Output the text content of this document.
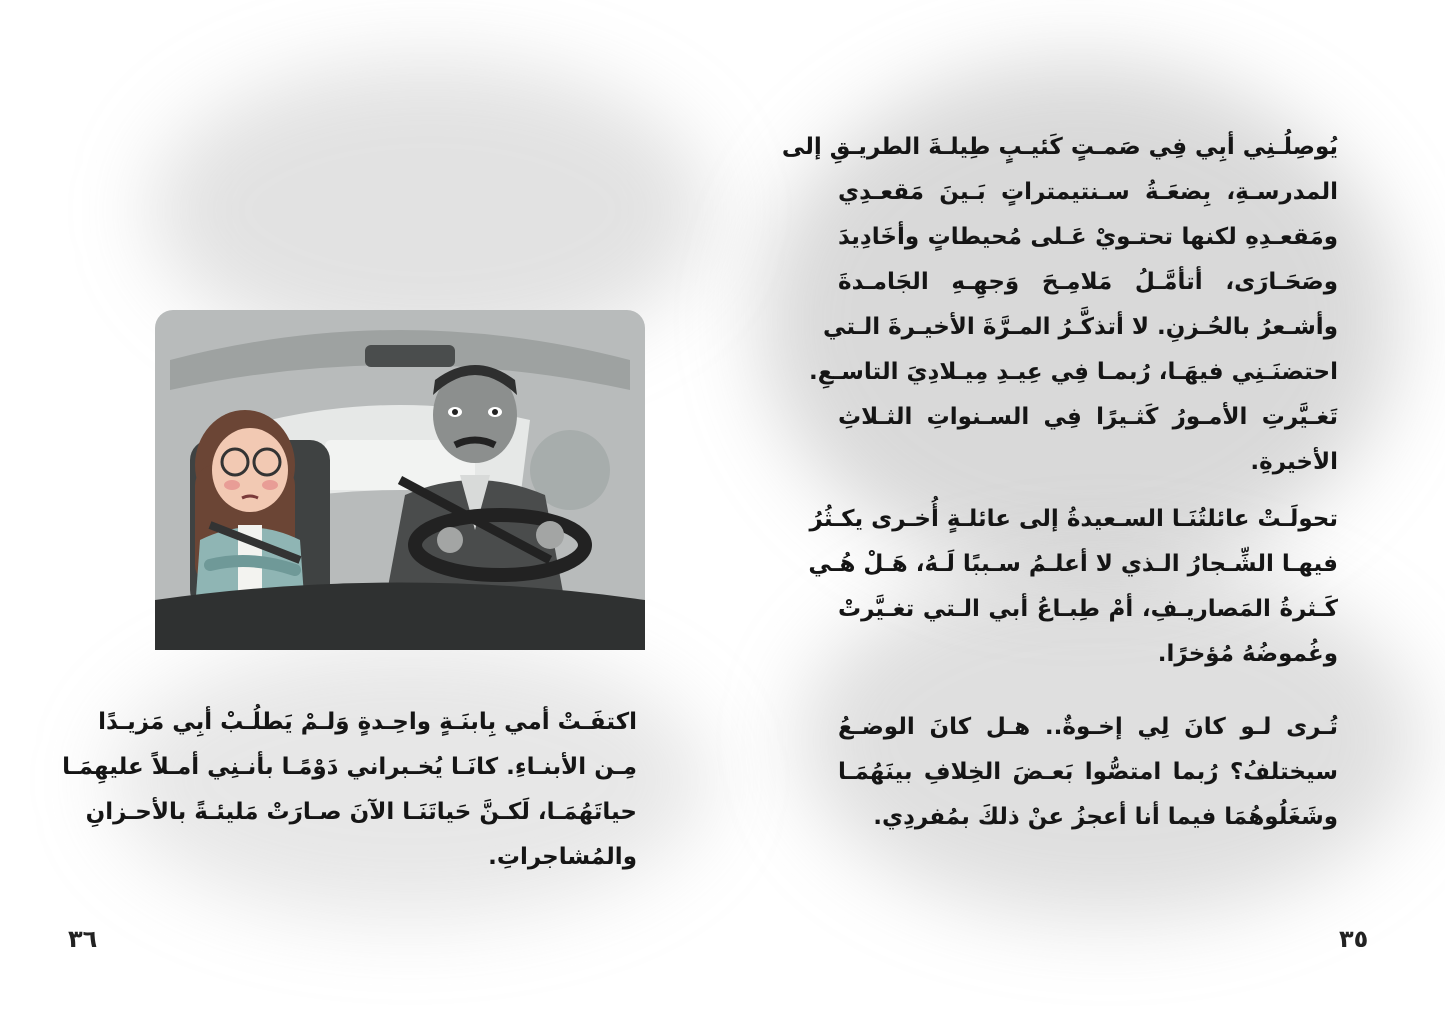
اكتفَـتْ أمي بِابنَـةٍ واحِـدةٍ وَلـمْ يَطلُـبْ أبِي مَزيـدًا
مِـن الأبنـاءِ. كانَـا يُخـبراني دَوْمًـا بأنـنِي أمـلاً عليهِمَـا
حياتَهُمَـا، لَكـنَّ حَياتَنَـا الآنَ صـارَتْ مَليئـةً بالأحـزانِ
والمُشاجراتِ.

٣٦

يُوصِلُـنِي أبِي فِي صَمـتٍ كَئيـبٍ طِيلـةَ الطريـقِ إلى
المدرسـةِ، بِضعَـةُ سـنتيمتراتٍ بَـينَ مَقعـدِي
ومَقعـدِهِ لكنها تحتـويْ عَـلى مُحيطاتٍ وأخَادِيدَ
وصَحَـارَى، أتأمَّـلُ مَلامِـحَ وَجهِـهِ الجَامـدةَ
وأشـعرُ بالحُـزنِ. لا أتذكَّـرُ المـرَّةَ الأخيـرةَ الـتي
احتضنَـنِي فيهَـا، رُبمـا فِي عِيـدِ مِيـلادِيَ التاسـعِ.
تَغـيَّرتِ الأمـورُ كَثـيرًا فِي السـنواتِ الثـلاثِ
الأخيرةِ.

تحولَـتْ عائلتُنَـا السـعيدةُ إلى عائلـةٍ أُخـرى يكـثُرُ
فيهـا الشِّـجارُ الـذي لا أعلـمُ سـببًا لَـهُ، هَـلْ هُـي
كَـثرةُ المَصاريـفِ، أمْ طِبـاعُ أبي الـتي تغـيَّرتْ
وغُموضُهُ مُؤخرًا.

تُـرى لـو كانَ لِي إخـوةٌ.. هـل كانَ الوضـعُ
سيختلفُ؟ رُبما امتصُّوا بَعـضَ الخِلافِ بينَهُمَـا
وشَغَلُوهُمَا فيما أنا أعجزُ عنْ ذلكَ بمُفردِي.

٣٥
